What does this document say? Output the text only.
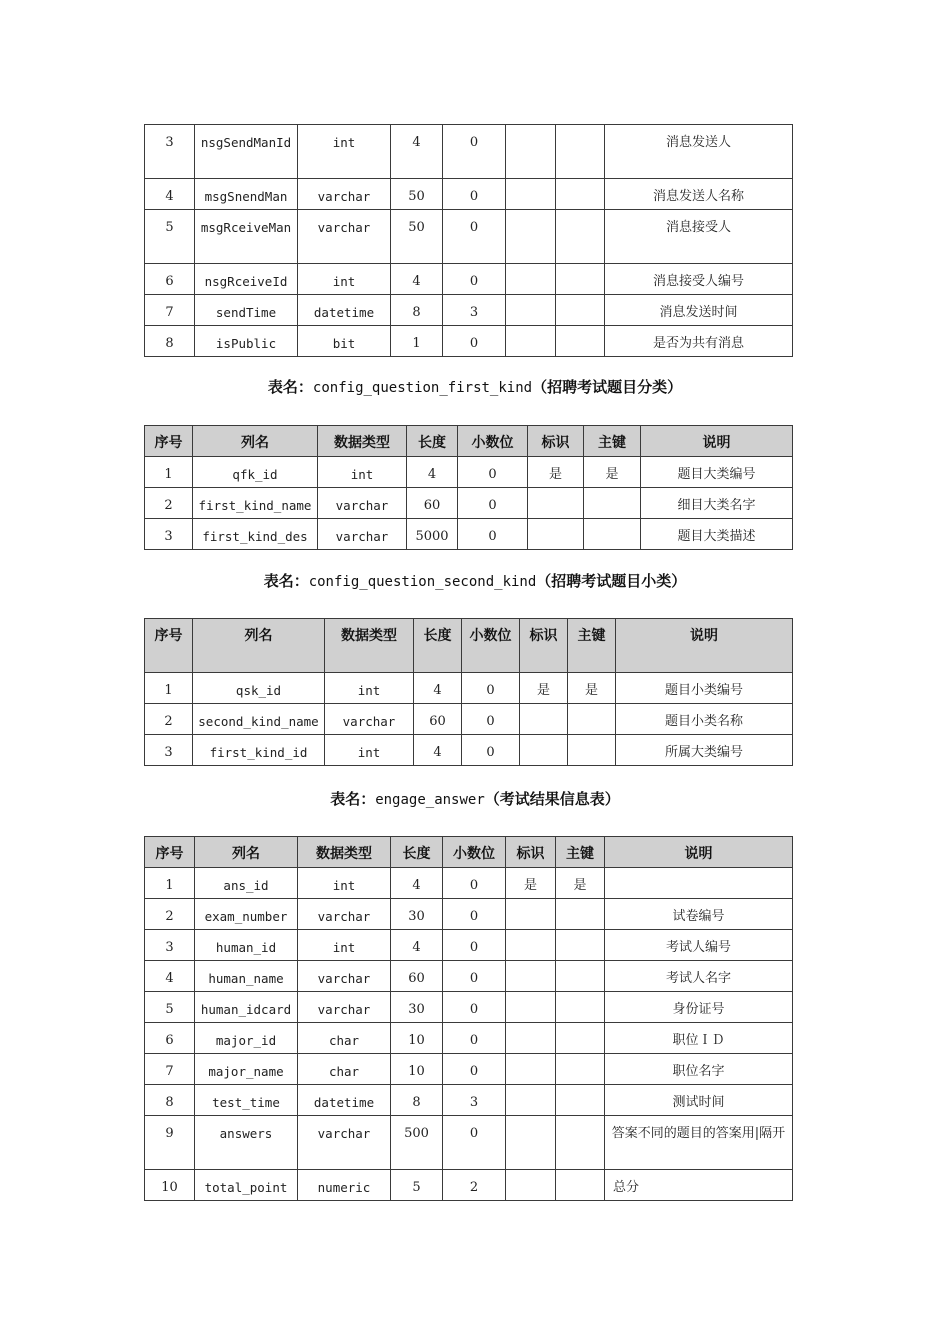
3	nsgSendManId	int	4	0			消息发送人
4	msgSnendMan	varchar	50	0			消息发送人名称
5	msgRceiveMan	varchar	50	0			消息接受人
6	nsgRceiveId	int	4	0			消息接受人编号
7	sendTime	datetime	8	3			消息发送时间
8	isPublic	bit	1	0			是否为共有消息
表名：config_question_first_kind（招聘考试题目分类）
序号	列名	数据类型	长度	小数位	标识	主键	说明
1	qfk_id	int	4	0	是	是	题目大类编号
2	first_kind_name	varchar	60	0			细目大类名字
3	first_kind_des	varchar	5000	0			题目大类描述
表名：config_question_second_kind（招聘考试题目小类）
序号	列名	数据类型	长度	小数位	标识	主键	说明
1	qsk_id	int	4	0	是	是	题目小类编号
2	second_kind_name	varchar	60	0			题目小类名称
3	first_kind_id	int	4	0			所属大类编号
表名：engage_answer（考试结果信息表）
序号	列名	数据类型	长度	小数位	标识	主键	说明
1	ans_id	int	4	0	是	是	
2	exam_number	varchar	30	0			试卷编号
3	human_id	int	4	0			考试人编号
4	human_name	varchar	60	0			考试人名字
5	human_idcard	varchar	30	0			身份证号
6	major_id	char	10	0			职位ＩＤ
7	major_name	char	10	0			职位名字
8	test_time	datetime	8	3			测试时间
9	answers	varchar	500	0			答案不同的题目的答案用|隔开
10	total_point	numeric	5	2			总分
